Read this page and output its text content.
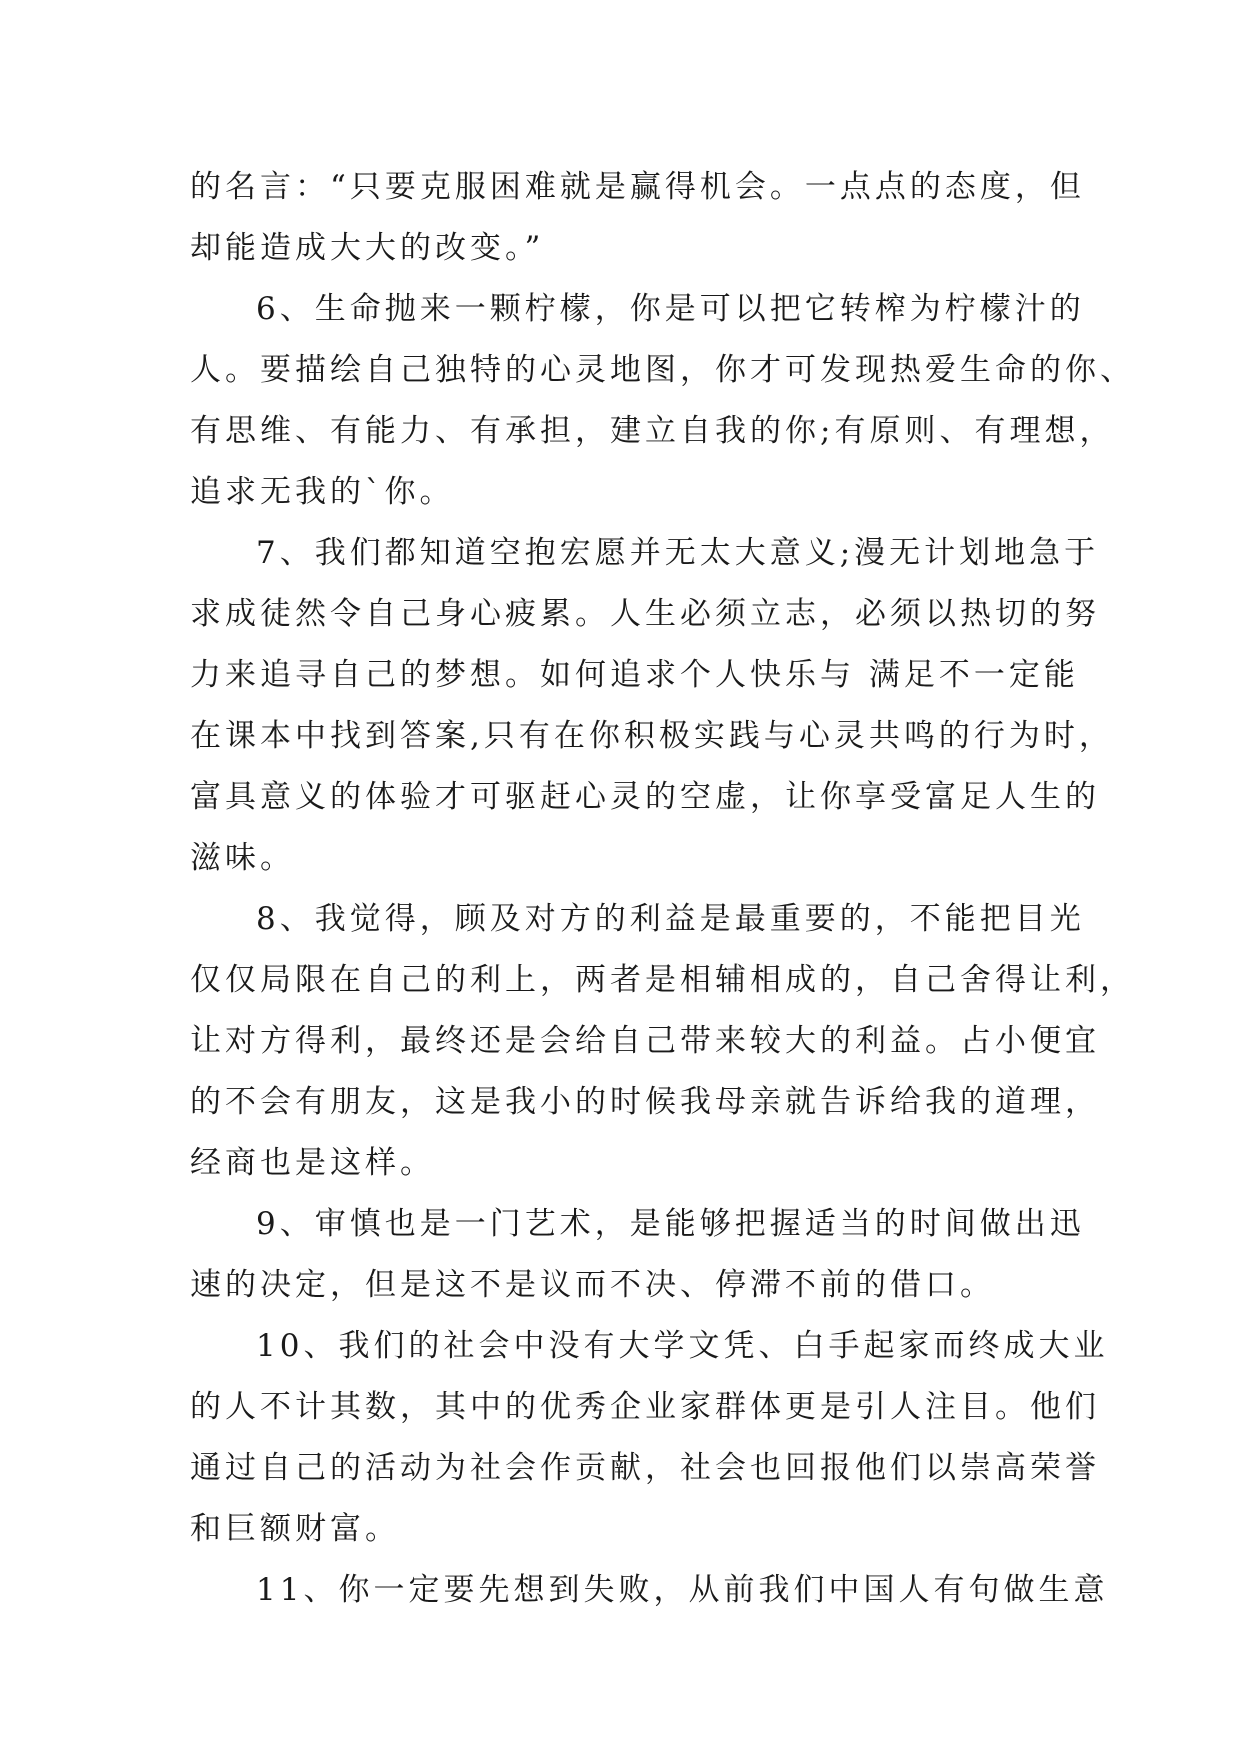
的名言：“只要克服困难就是赢得机会。一点点的态度，但
却能造成大大的改变。”

6、生命抛来一颗柠檬，你是可以把它转榨为柠檬汁的
人。要描绘自己独特的心灵地图，你才可发现热爱生命的你、
有思维、有能力、有承担，建立自我的你;有原则、有理想，
追求无我的`你。

7、我们都知道空抱宏愿并无太大意义;漫无计划地急于
求成徒然令自己身心疲累。人生必须立志，必须以热切的努
力来追寻自己的梦想。如何追求个人快乐与 满足不一定能
在课本中找到答案,只有在你积极实践与心灵共鸣的行为时，
富具意义的体验才可驱赶心灵的空虚，让你享受富足人生的
滋味。

8、我觉得，顾及对方的利益是最重要的，不能把目光
仅仅局限在自己的利上，两者是相辅相成的，自己舍得让利，
让对方得利，最终还是会给自己带来较大的利益。占小便宜
的不会有朋友，这是我小的时候我母亲就告诉给我的道理，
经商也是这样。

9、审慎也是一门艺术，是能够把握适当的时间做出迅
速的决定，但是这不是议而不决、停滞不前的借口。

10、我们的社会中没有大学文凭、白手起家而终成大业
的人不计其数，其中的优秀企业家群体更是引人注目。他们
通过自己的活动为社会作贡献，社会也回报他们以崇高荣誉
和巨额财富。

11、你一定要先想到失败，从前我们中国人有句做生意
